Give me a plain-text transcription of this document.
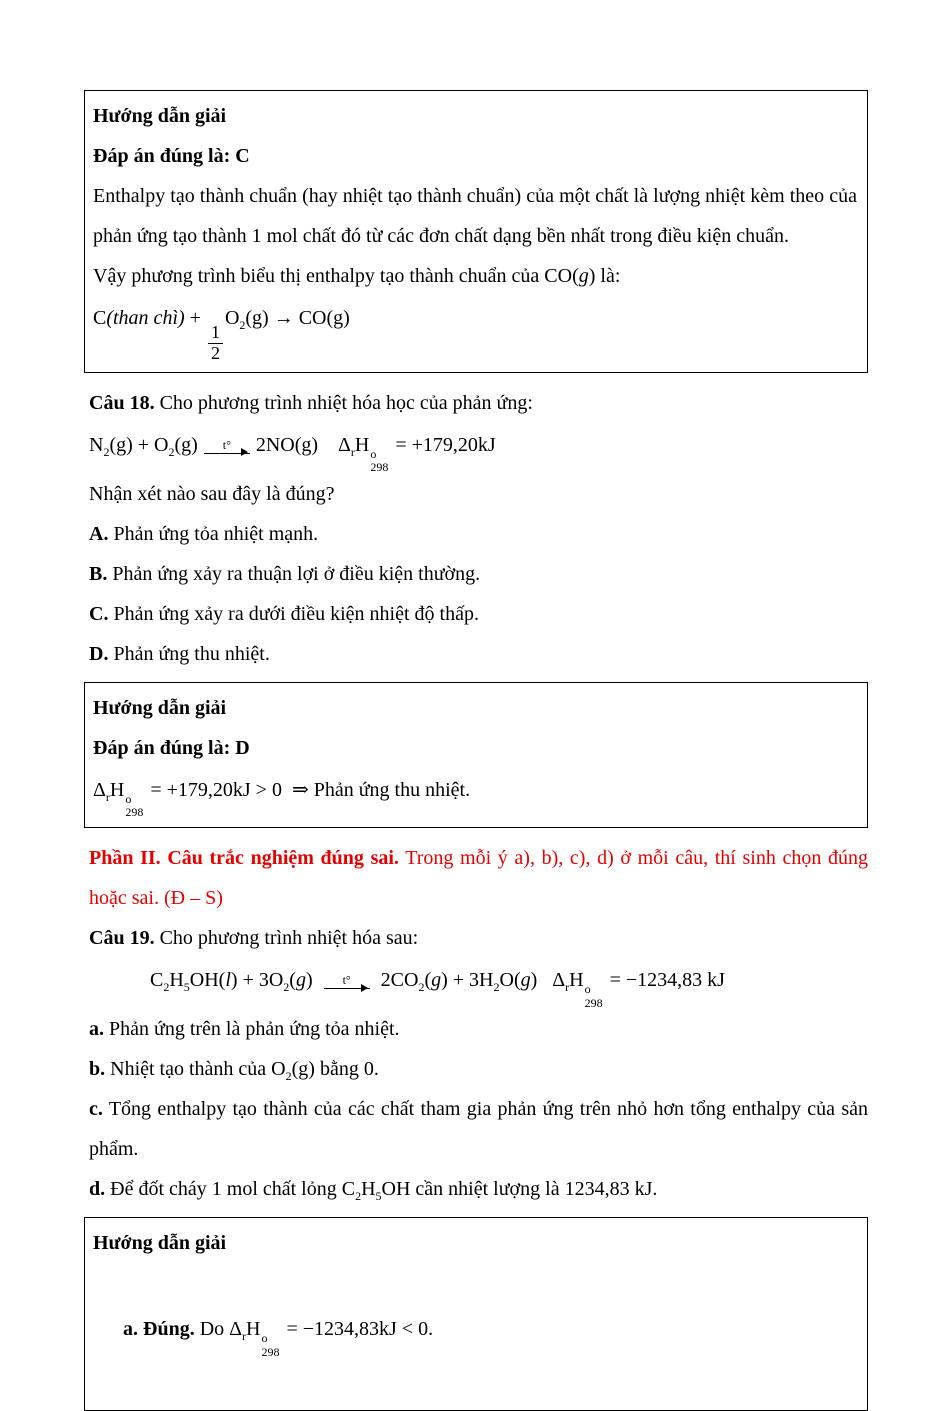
Hướng dẫn giải

Đáp án đúng là: C

Enthalpy tạo thành chuẩn (hay nhiệt tạo thành chuẩn) của một chất là lượng nhiệt kèm theo của phản ứng tạo thành 1 mol chất đó từ các đơn chất dạng bền nhất trong điều kiện chuẩn.

Vậy phương trình biểu thị enthalpy tạo thành chuẩn của CO(g) là:

C(than chì) +
$\frac{1}{2}$
$O_2(g) \to CO(g)$

Câu 18. Cho phương trình nhiệt hóa học của phản ứng:

$N_2(g) + O_2(g)$ t° 2NO(g)    $\Delta_rH$ o
298
= +179,20kJ

Nhận xét nào sau đây là đúng?

A. Phản ứng tỏa nhiệt mạnh.

B. Phản ứng xảy ra thuận lợi ở điều kiện thường.

C. Phản ứng xảy ra dưới điều kiện nhiệt độ thấp.

D. Phản ứng thu nhiệt.

Hướng dẫn giải

Đáp án đúng là: D

$\Delta_rH$ o
298
= +179,20kJ > 0  ⇒ Phản ứng thu nhiệt.

Phần II. Câu trắc nghiệm đúng sai. Trong mỗi ý a), b), c), d) ở mỗi câu, thí sinh chọn đúng hoặc sai. (Đ – S)

Câu 19. Cho phương trình nhiệt hóa sau:

$C_2H_5OH(l) + 3O_2(g)$ t° $2CO_2(g) + 3H_2O(g)$   $\Delta_rH$ o
298
= −1234,83 kJ

a. Phản ứng trên là phản ứng tỏa nhiệt.

b. Nhiệt tạo thành của $O_2(g)$ bằng 0.

c. Tổng enthalpy tạo thành của các chất tham gia phản ứng trên nhỏ hơn tổng enthalpy của sản phẩm.

d. Để đốt cháy 1 mol chất lỏng $C_2H_5OH$ cần nhiệt lượng là 1234,83 kJ.

Hướng dẫn giải

a. Đúng. Do $\Delta_rH$ o
298
= −1234,83kJ < 0.
